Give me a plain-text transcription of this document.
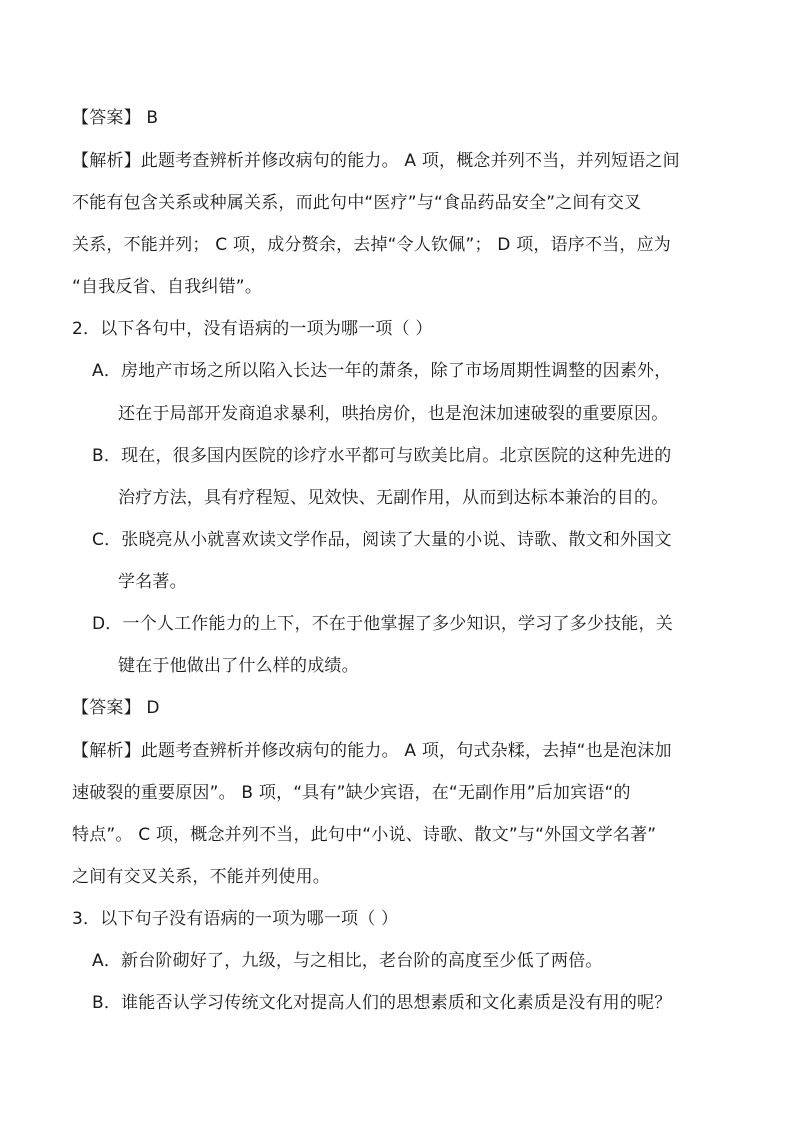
【答案】 B
【解析】此题考查辨析并修改病句的能力。 A 项，概念并列不当，并列短语之间
不能有包含关系或种属关系，而此句中“医疗”与“食品药品安全”之间有交叉
关系，不能并列； C 项，成分赘余，去掉“令人钦佩”； D 项，语序不当，应为
“自我反省、自我纠错”。
2．以下各句中，没有语病的一项为哪一项（ ）
A．房地产市场之所以陷入长达一年的萧条，除了市场周期性调整的因素外，
还在于局部开发商追求暴利，哄抬房价，也是泡沫加速破裂的重要原因。
B．现在，很多国内医院的诊疗水平都可与欧美比肩。北京医院的这种先进的
治疗方法，具有疗程短、见效快、无副作用，从而到达标本兼治的目的。
C．张晓亮从小就喜欢读文学作品，阅读了大量的小说、诗歌、散文和外国文
学名著。
D．一个人工作能力的上下，不在于他掌握了多少知识，学习了多少技能，关
键在于他做出了什么样的成绩。
【答案】 D
【解析】此题考查辨析并修改病句的能力。 A 项，句式杂糅，去掉“也是泡沫加
速破裂的重要原因”。 B 项，“具有”缺少宾语，在“无副作用”后加宾语“的
特点”。 C 项，概念并列不当，此句中“小说、诗歌、散文”与“外国文学名著”
之间有交叉关系，不能并列使用。
3．以下句子没有语病的一项为哪一项（ ）
A．新台阶砌好了，九级，与之相比，老台阶的高度至少低了两倍。
B．谁能否认学习传统文化对提高人们的思想素质和文化素质是没有用的呢？
